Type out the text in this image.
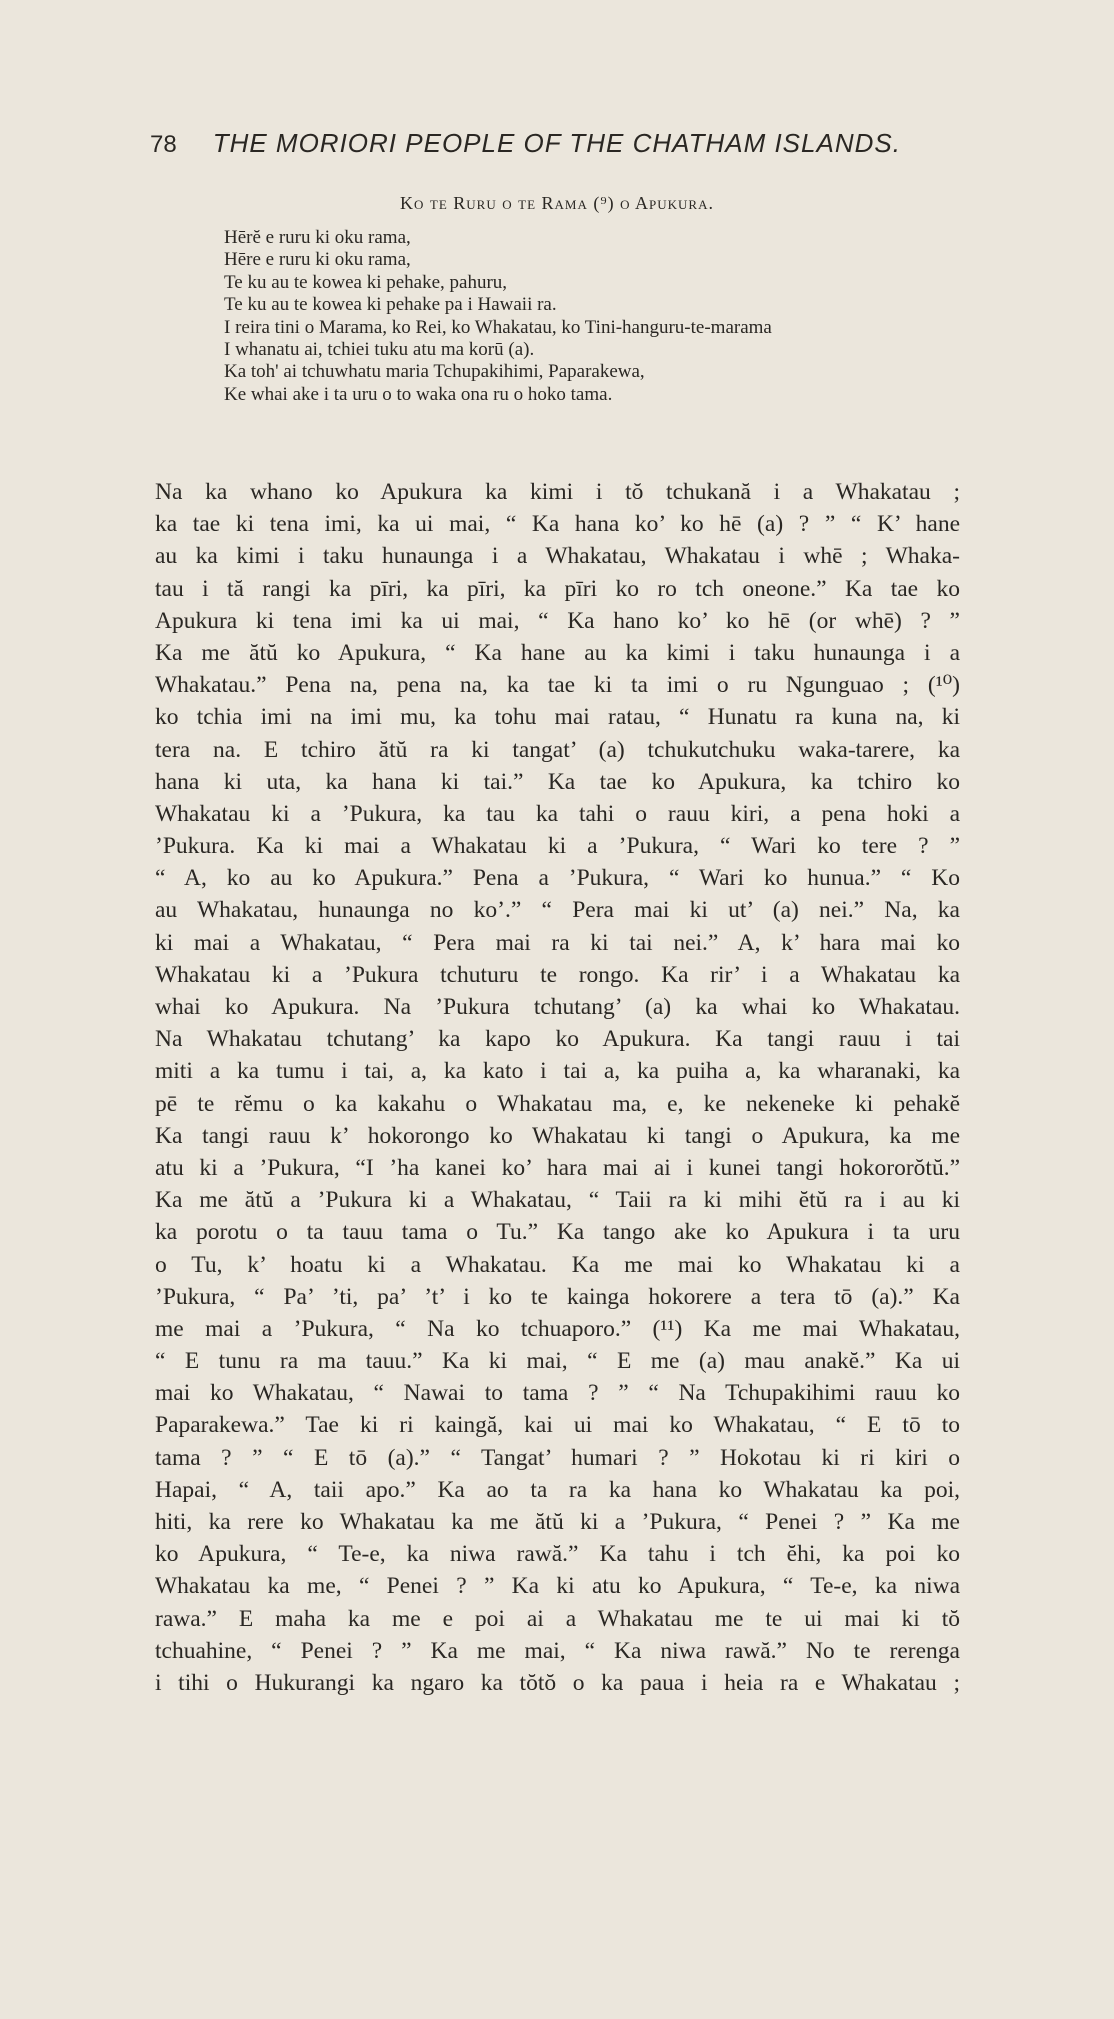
78 THE MORIORI PEOPLE OF THE CHATHAM ISLANDS.
Ko te Ruru o te Rama (⁹) o Apukura.
Hērĕ e ruru ki oku rama,
Hēre e ruru ki oku rama,
Te ku au te kowea ki pehake, pahuru,
Te ku au te kowea ki pehake pa i Hawaii ra.
I reira tini o Marama, ko Rei, ko Whakatau, ko Tini-hanguru-te-marama
I whanatu ai, tchiei tuku atu ma korū (a).
Ka toh' ai tchuwhatu maria Tchupakihimi, Paparakewa,
Ke whai ake i ta uru o to waka ona ru o hoko tama.
Na ka whano ko Apukura ka kimi i tŏ tchukană i a Whakatau ;
ka tae ki tena imi, ka ui mai, “ Ka hana ko’ ko hē (a) ? ” “ K’ hane
au ka kimi i taku hunaunga i a Whakatau, Whakatau i whē ; Whaka-
tau i tă rangi ka pīri, ka pīri, ka pīri ko ro tch oneone.” Ka tae ko
Apukura ki tena imi ka ui mai, “ Ka hano ko’ ko hē (or whē) ? ”
Ka me ătŭ ko Apukura, “ Ka hane au ka kimi i taku hunaunga i a
Whakatau.” Pena na, pena na, ka tae ki ta imi o ru Ngunguao ; (¹⁰)
ko tchia imi na imi mu, ka tohu mai ratau, “ Hunatu ra kuna na, ki
tera na. E tchiro ătŭ ra ki tangat’ (a) tchukutchuku waka-tarere, ka
hana ki uta, ka hana ki tai.” Ka tae ko Apukura, ka tchiro ko
Whakatau ki a ’Pukura, ka tau ka tahi o rauu kiri, a pena hoki a
’Pukura. Ka ki mai a Whakatau ki a ’Pukura, “ Wari ko tere ? ”
“ A, ko au ko Apukura.” Pena a ’Pukura, “ Wari ko hunua.” “ Ko
au Whakatau, hunaunga no ko’.” “ Pera mai ki ut’ (a) nei.” Na, ka
ki mai a Whakatau, “ Pera mai ra ki tai nei.” A, k’ hara mai ko
Whakatau ki a ’Pukura tchuturu te rongo. Ka rir’ i a Whakatau ka
whai ko Apukura. Na ’Pukura tchutang’ (a) ka whai ko Whakatau.
Na Whakatau tchutang’ ka kapo ko Apukura. Ka tangi rauu i tai
miti a ka tumu i tai, a, ka kato i tai a, ka puiha a, ka wharanaki, ka
pē te rĕmu o ka kakahu o Whakatau ma, e, ke nekeneke ki pehakĕ
Ka tangi rauu k’ hokorongo ko Whakatau ki tangi o Apukura, ka me
atu ki a ’Pukura, “I ’ha kanei ko’ hara mai ai i kunei tangi hokororŏtŭ.”
Ka me ătŭ a ’Pukura ki a Whakatau, “ Taii ra ki mihi ĕtŭ ra i au ki
ka porotu o ta tauu tama o Tu.” Ka tango ake ko Apukura i ta uru
o Tu, k’ hoatu ki a Whakatau. Ka me mai ko Whakatau ki a
’Pukura, “ Pa’ ’ti, pa’ ’t’ i ko te kainga hokorere a tera tō (a).” Ka
me mai a ’Pukura, “ Na ko tchuaporo.” (¹¹) Ka me mai Whakatau,
“ E tunu ra ma tauu.” Ka ki mai, “ E me (a) mau anakĕ.” Ka ui
mai ko Whakatau, “ Nawai to tama ? ” “ Na Tchupakihimi rauu ko
Paparakewa.” Tae ki ri kaingă, kai ui mai ko Whakatau, “ E tō to
tama ? ” “ E tō (a).” “ Tangat’ humari ? ” Hokotau ki ri kiri o
Hapai, “ A, taii apo.” Ka ao ta ra ka hana ko Whakatau ka poi,
hiti, ka rere ko Whakatau ka me ătŭ ki a ’Pukura, “ Penei ? ” Ka me
ko Apukura, “ Te-e, ka niwa rawă.” Ka tahu i tch ĕhi, ka poi ko
Whakatau ka me, “ Penei ? ” Ka ki atu ko Apukura, “ Te-e, ka niwa
rawa.” E maha ka me e poi ai a Whakatau me te ui mai ki tŏ
tchuahine, “ Penei ? ” Ka me mai, “ Ka niwa rawă.” No te rerenga
i tihi o Hukurangi ka ngaro ka tŏtŏ o ka paua i heia ra e Whakatau ;
